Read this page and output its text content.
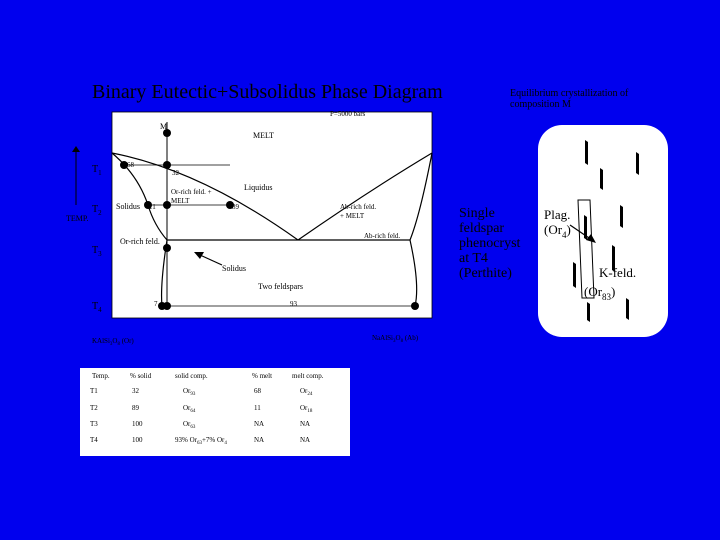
Binary Eutectic+Subsolidus Phase Diagram	Equilibrium crystallization of composition M
P=5000 bars
M
MELT
Liquidus
Solidus
Solidus
Or-rich feld. + MELT
Ab-rich feld. + MELT
Or-rich feld.
Ab-rich feld.
Two feldspars
68
32
11	89
7	93
TEMP.
$T_1$
$T_2$
$T_3$
$T_4$
$KAlSi_3O_8$ (Or)	$NaAlSi_3O_8$ (Ab)
Temp.	% solid	solid comp.	% melt	melt comp.
T1	32	$Or_{93}$	68	$Or_{24}$
T2	89	$Or_{64}$	11	$Or_{18}$
T3	100	$Or_{63}$	NA	NA
T4	100	93% $Or_{63}+7\%$ $Or_4$	NA	NA
Single feldspar phenocryst at T4 (Perthite)
Plag.
$(Or_4)$
K-feld.
$(Or_{83})$
